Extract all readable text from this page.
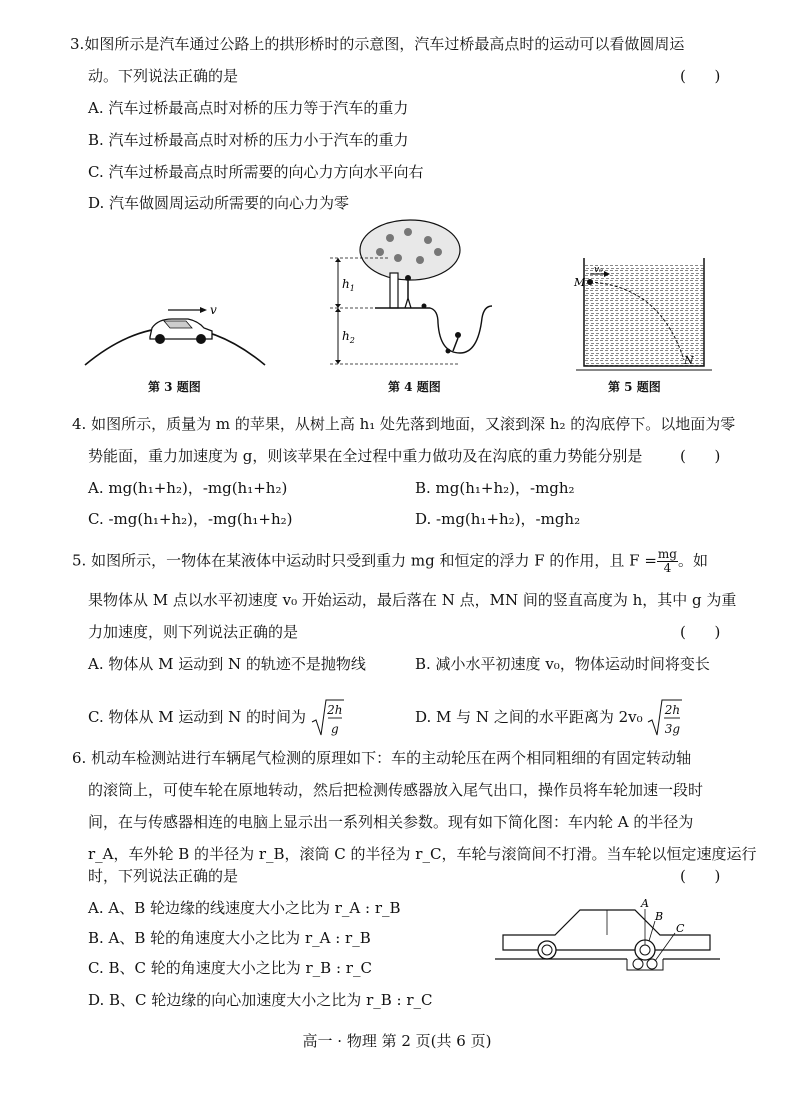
3.如图所示是汽车通过公路上的拱形桥时的示意图，汽车过桥最高点时的运动可以看做圆周运
动。下列说法正确的是	(      )
A. 汽车过桥最高点时对桥的压力等于汽车的重力
B. 汽车过桥最高点时对桥的压力小于汽车的重力
C. 汽车过桥最高点时所需要的向心力方向水平向右
D. 汽车做圆周运动所需要的向心力为零
v
第 3 题图
$h_1$
$h_2$
第 4 题图
M
v₀
N
第 5 题图
4. 如图所示，质量为 m 的苹果，从树上高 h₁ 处先落到地面，又滚到深 h₂ 的沟底停下。以地面为零
势能面，重力加速度为 g，则该苹果在全过程中重力做功及在沟底的重力势能分别是	(      )
A. mg(h₁+h₂)，-mg(h₁+h₂)	B. mg(h₁+h₂)，-mgh₂
C. -mg(h₁+h₂)，-mg(h₁+h₂)	D. -mg(h₁+h₂)，-mgh₂
5. 如图所示，一物体在某液体中运动时只受到重力 mg 和恒定的浮力 F 的作用，且 $F = \frac{mg}{4}$ 。如
果物体从 M 点以水平初速度 v₀ 开始运动，最后落在 N 点，MN 间的竖直高度为 h，其中 g 为重
力加速度，则下列说法正确的是	(      )
A. 物体从 M 运动到 N 的轨迹不是抛物线	B. 减小水平初速度 v₀，物体运动时间将变长
C. 物体从 M 运动到 N 的时间为 2h
g
D. M 与 N 之间的水平距离为 2v₀ 2h
3g
6. 机动车检测站进行车辆尾气检测的原理如下：车的主动轮压在两个相同粗细的有固定转动轴
的滚筒上，可使车轮在原地转动，然后把检测传感器放入尾气出口，操作员将车轮加速一段时
间，在与传感器相连的电脑上显示出一系列相关参数。现有如下简化图：车内轮 A 的半径为
r_A，车外轮 B 的半径为 r_B，滚筒 C 的半径为 r_C，车轮与滚筒间不打滑。当车轮以恒定速度运行
时，下列说法正确的是	(      )
A. A、B 轮边缘的线速度大小之比为 r_A : r_B
B. A、B 轮的角速度大小之比为 r_A : r_B
C. B、C 轮的角速度大小之比为 r_B : r_C
D. B、C 轮边缘的向心加速度大小之比为 r_B : r_C
A
B
C
高一 · 物理 第 2 页(共 6 页)
